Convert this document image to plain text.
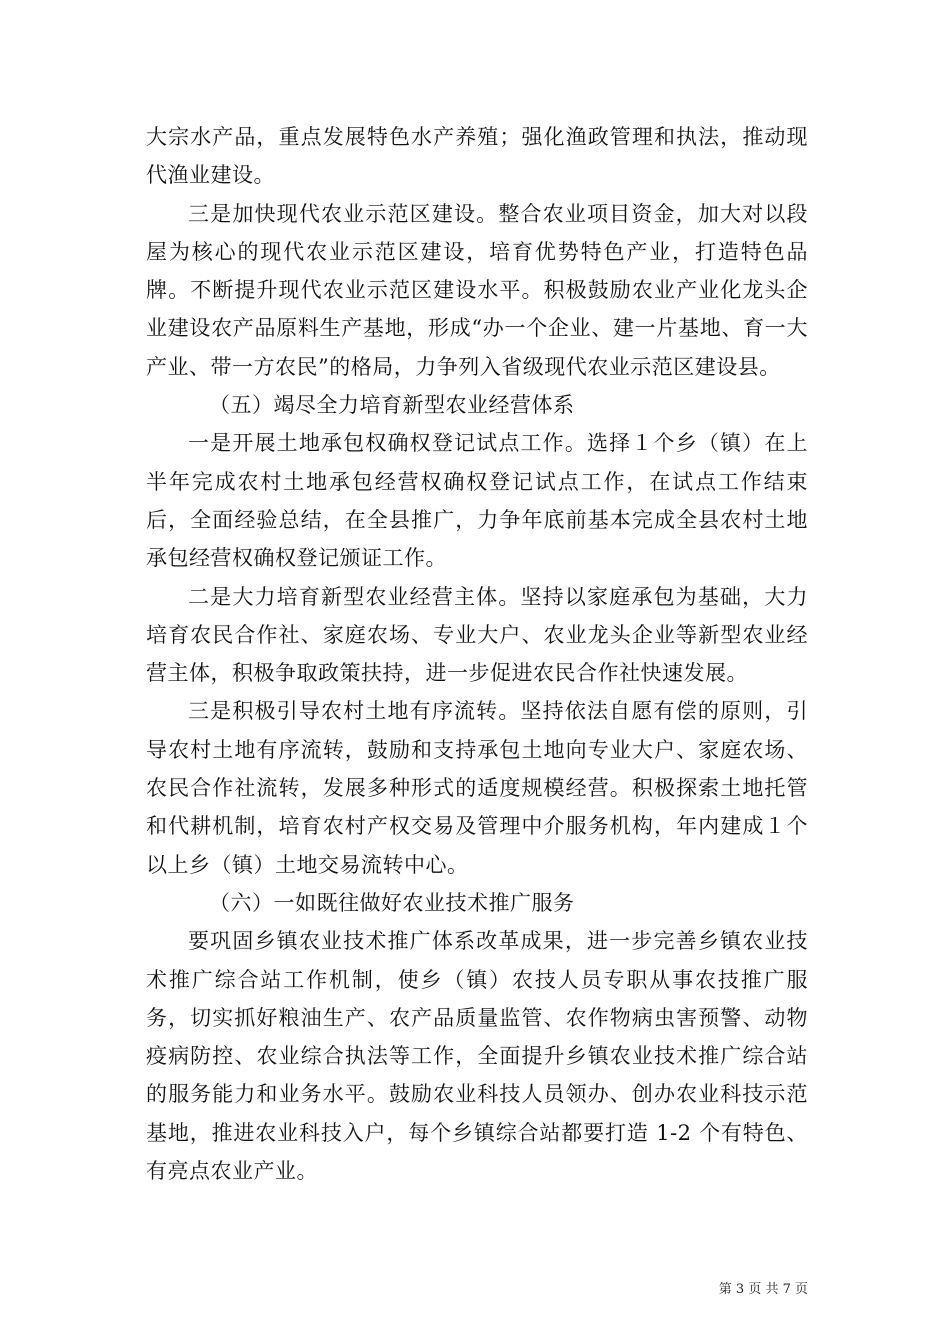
大宗水产品，重点发展特色水产养殖；强化渔政管理和执法，推动现代渔业建设。

三是加快现代农业示范区建设。整合农业项目资金，加大对以段屋为核心的现代农业示范区建设，培育优势特色产业，打造特色品牌。不断提升现代农业示范区建设水平。积极鼓励农业产业化龙头企业建设农产品原料生产基地，形成“办一个企业、建一片基地、育一大产业、带一方农民”的格局，力争列入省级现代农业示范区建设县。

（五）竭尽全力培育新型农业经营体系

一是开展土地承包权确权登记试点工作。选择１个乡（镇）在上半年完成农村土地承包经营权确权登记试点工作，在试点工作结束后，全面经验总结，在全县推广，力争年底前基本完成全县农村土地承包经营权确权登记颁证工作。

二是大力培育新型农业经营主体。坚持以家庭承包为基础，大力培育农民合作社、家庭农场、专业大户、农业龙头企业等新型农业经营主体，积极争取政策扶持，进一步促进农民合作社快速发展。

三是积极引导农村土地有序流转。坚持依法自愿有偿的原则，引导农村土地有序流转，鼓励和支持承包土地向专业大户、家庭农场、农民合作社流转，发展多种形式的适度规模经营。积极探索土地托管和代耕机制，培育农村产权交易及管理中介服务机构，年内建成１个以上乡（镇）土地交易流转中心。

（六）一如既往做好农业技术推广服务

要巩固乡镇农业技术推广体系改革成果，进一步完善乡镇农业技术推广综合站工作机制，使乡（镇）农技人员专职从事农技推广服务，切实抓好粮油生产、农产品质量监管、农作物病虫害预警、动物疫病防控、农业综合执法等工作，全面提升乡镇农业技术推广综合站的服务能力和业务水平。鼓励农业科技人员领办、创办农业科技示范基地，推进农业科技入户，每个乡镇综合站都要打造 1-2 个有特色、有亮点农业产业。

第 3 页 共 7 页
